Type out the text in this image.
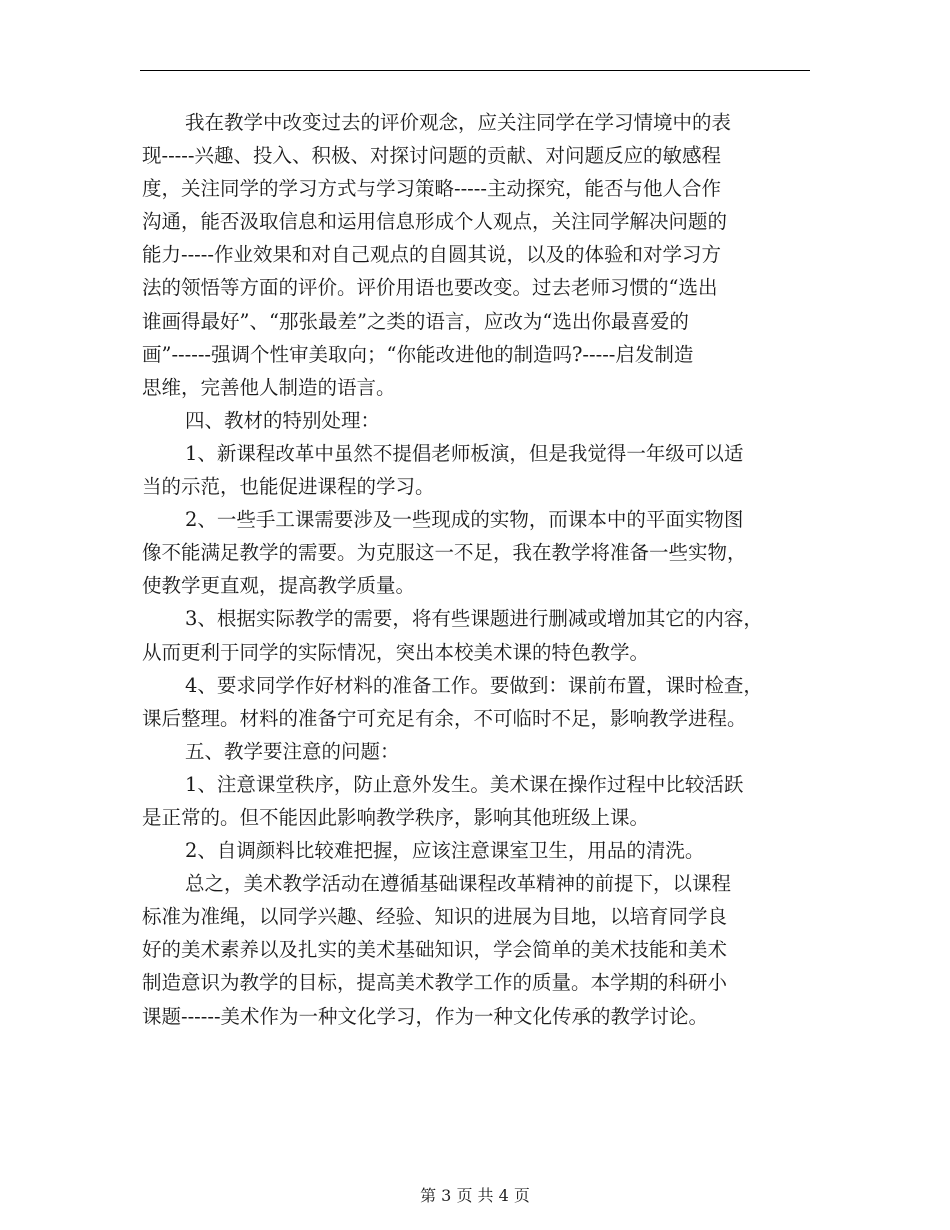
我在教学中改变过去的评价观念，应关注同学在学习情境中的表
现-----兴趣、投入、积极、对探讨问题的贡献、对问题反应的敏感程
度，关注同学的学习方式与学习策略-----主动探究，能否与他人合作
沟通，能否汲取信息和运用信息形成个人观点，关注同学解决问题的
能力-----作业效果和对自己观点的自圆其说，以及的体验和对学习方
法的领悟等方面的评价。评价用语也要改变。过去老师习惯的“选出
谁画得最好”、“那张最差”之类的语言，应改为“选出你最喜爱的
画”------强调个性审美取向；“你能改进他的制造吗?-----启发制造
思维，完善他人制造的语言。
四、教材的特别处理：
1、新课程改革中虽然不提倡老师板演，但是我觉得一年级可以适
当的示范，也能促进课程的学习。
2、一些手工课需要涉及一些现成的实物，而课本中的平面实物图
像不能满足教学的需要。为克服这一不足，我在教学将准备一些实物，
使教学更直观，提高教学质量。
3、根据实际教学的需要，将有些课题进行删减或增加其它的内容，
从而更利于同学的实际情况，突出本校美术课的特色教学。
4、要求同学作好材料的准备工作。要做到：课前布置，课时检查，
课后整理。材料的准备宁可充足有余，不可临时不足，影响教学进程。
五、教学要注意的问题：
1、注意课堂秩序，防止意外发生。美术课在操作过程中比较活跃
是正常的。但不能因此影响教学秩序，影响其他班级上课。
2、自调颜料比较难把握，应该注意课室卫生，用品的清洗。
总之，美术教学活动在遵循基础课程改革精神的前提下，以课程
标准为准绳，以同学兴趣、经验、知识的进展为目地，以培育同学良
好的美术素养以及扎实的美术基础知识，学会简单的美术技能和美术
制造意识为教学的目标，提高美术教学工作的质量。本学期的科研小
课题------美术作为一种文化学习，作为一种文化传承的教学讨论。
第 3 页 共 4 页
